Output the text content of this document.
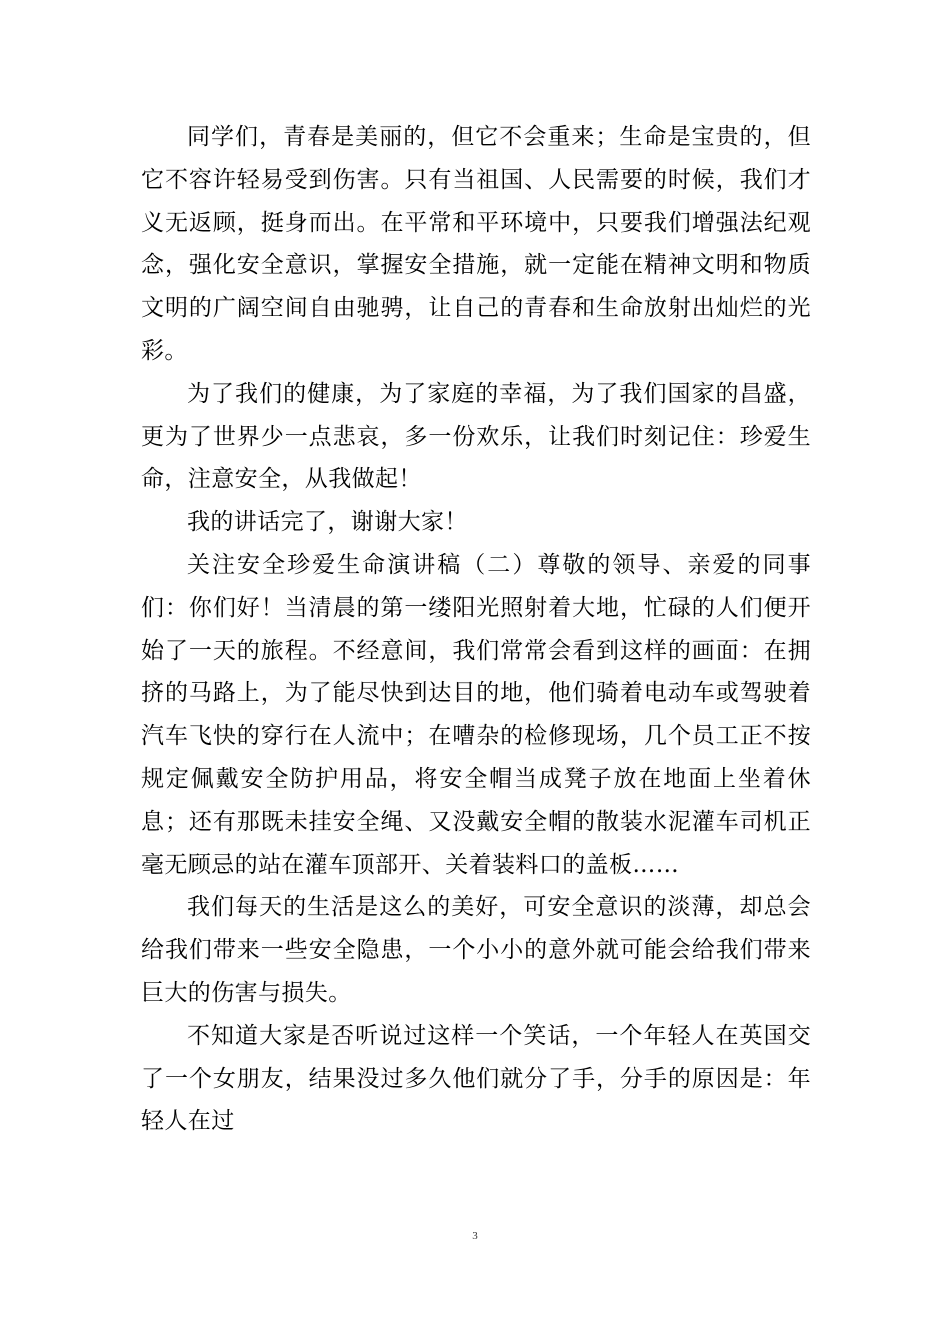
同学们，青春是美丽的，但它不会重来；生命是宝贵的，但它不容许轻易受到伤害。只有当祖国、人民需要的时候，我们才义无返顾，挺身而出。在平常和平环境中，只要我们增强法纪观念，强化安全意识，掌握安全措施，就一定能在精神文明和物质文明的广阔空间自由驰骋，让自己的青春和生命放射出灿烂的光彩。

为了我们的健康，为了家庭的幸福，为了我们国家的昌盛，更为了世界少一点悲哀，多一份欢乐，让我们时刻记住：珍爱生命，注意安全，从我做起！

我的讲话完了，谢谢大家！

关注安全珍爱生命演讲稿（二）尊敬的领导、亲爱的同事们：你们好！当清晨的第一缕阳光照射着大地，忙碌的人们便开始了一天的旅程。不经意间，我们常常会看到这样的画面：在拥挤的马路上，为了能尽快到达目的地，他们骑着电动车或驾驶着汽车飞快的穿行在人流中；在嘈杂的检修现场，几个员工正不按规定佩戴安全防护用品，将安全帽当成凳子放在地面上坐着休息；还有那既未挂安全绳、又没戴安全帽的散装水泥灌车司机正毫无顾忌的站在灌车顶部开、关着装料口的盖板……

我们每天的生活是这么的美好，可安全意识的淡薄，却总会给我们带来一些安全隐患，一个小小的意外就可能会给我们带来巨大的伤害与损失。

不知道大家是否听说过这样一个笑话，一个年轻人在英国交了一个女朋友，结果没过多久他们就分了手，分手的原因是：年轻人在过

3
